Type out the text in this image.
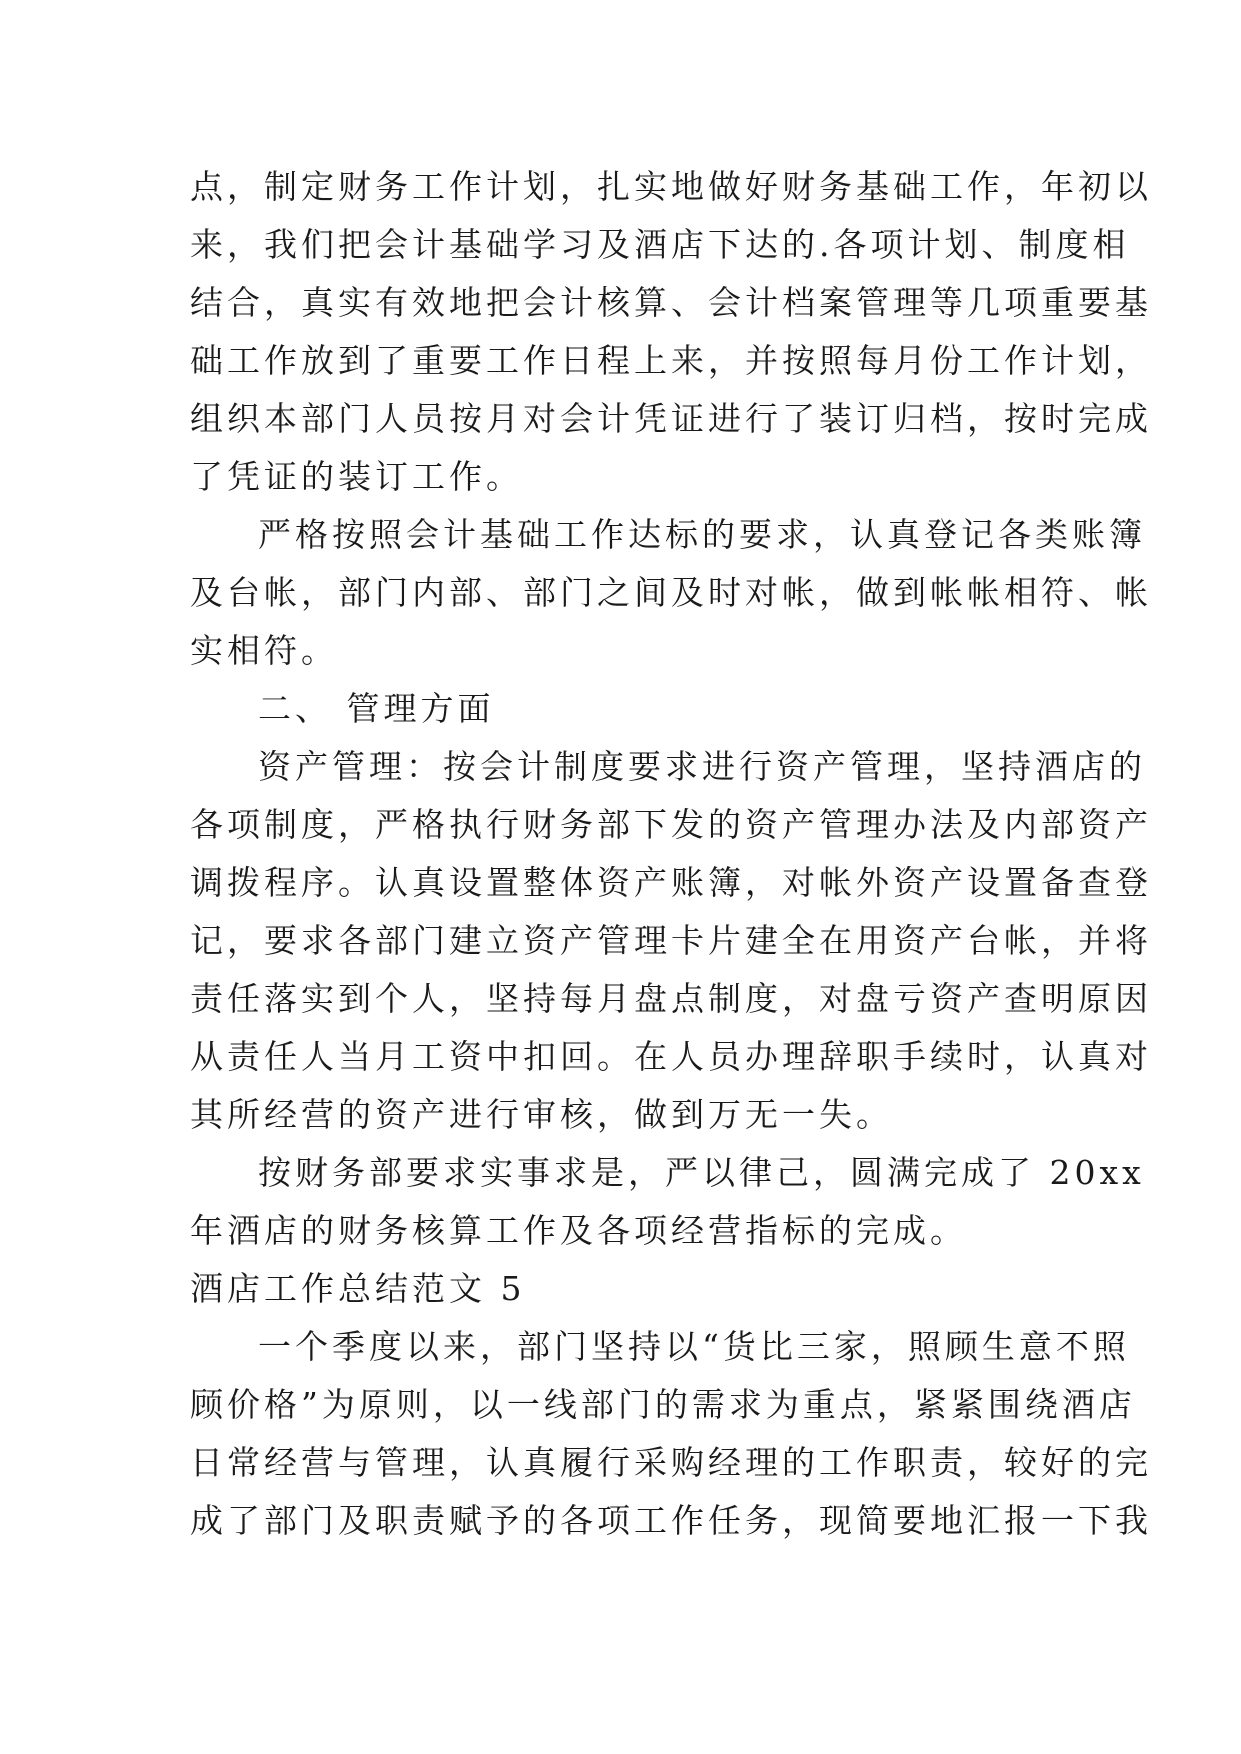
点，制定财务工作计划，扎实地做好财务基础工作，年初以
来，我们把会计基础学习及酒店下达的.各项计划、制度相
结合，真实有效地把会计核算、会计档案管理等几项重要基
础工作放到了重要工作日程上来，并按照每月份工作计划，
组织本部门人员按月对会计凭证进行了装订归档，按时完成
了凭证的装订工作。
严格按照会计基础工作达标的要求，认真登记各类账簿
及台帐，部门内部、部门之间及时对帐，做到帐帐相符、帐
实相符。
二、 管理方面
资产管理：按会计制度要求进行资产管理，坚持酒店的
各项制度，严格执行财务部下发的资产管理办法及内部资产
调拨程序。认真设置整体资产账簿，对帐外资产设置备查登
记，要求各部门建立资产管理卡片建全在用资产台帐，并将
责任落实到个人，坚持每月盘点制度，对盘亏资产查明原因
从责任人当月工资中扣回。在人员办理辞职手续时，认真对
其所经营的资产进行审核，做到万无一失。
按财务部要求实事求是，严以律己，圆满完成了 20xx
年酒店的财务核算工作及各项经营指标的完成。
酒店工作总结范文 5
一个季度以来，部门坚持以“货比三家，照顾生意不照
顾价格”为原则，以一线部门的需求为重点，紧紧围绕酒店
日常经营与管理，认真履行采购经理的工作职责，较好的完
成了部门及职责赋予的各项工作任务，现简要地汇报一下我
